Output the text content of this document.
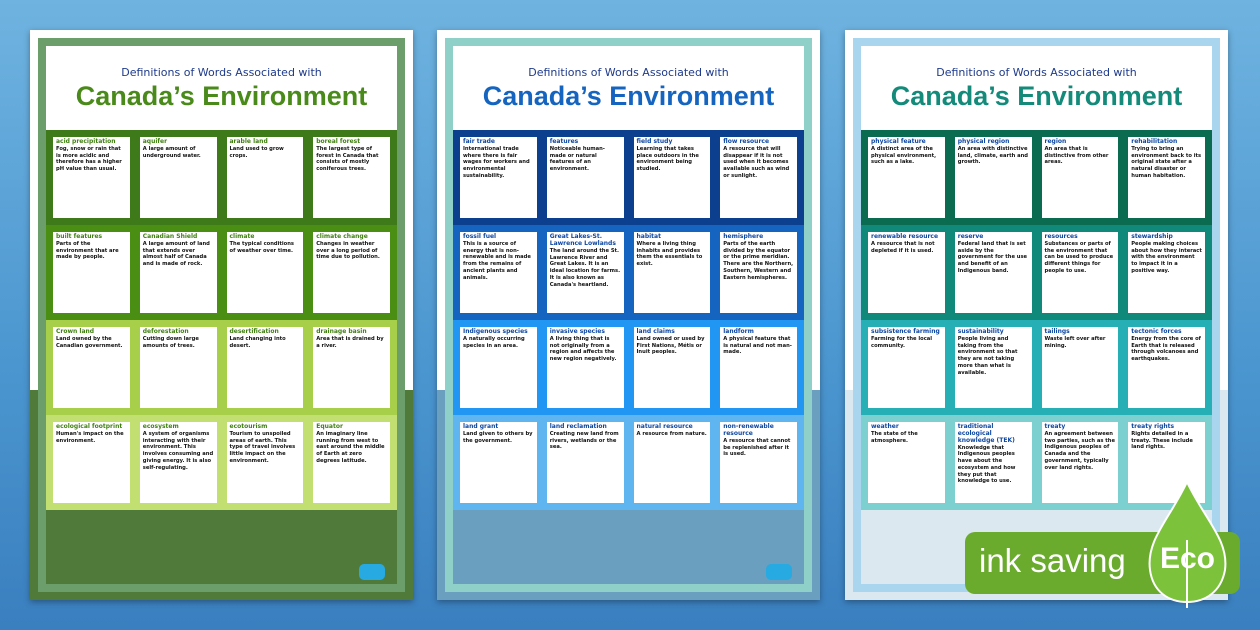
Definitions of Words Associated with
Canada’s Environment
acid precipitation
Fog, snow or rain that is more acidic and therefore has a higher pH value than usual.
aquifer
A large amount of underground water.
arable land
Land used to grow crops.
boreal forest
The largest type of forest in Canada that consists of mostly coniferous trees.
built features
Parts of the environment that are made by people.
Canadian Shield
A large amount of land that extends over almost half of Canada and is made of rock.
climate
The typical conditions of weather over time.
climate change
Changes in weather over a long period of time due to pollution.
Crown land
Land owned by the Canadian government.
deforestation
Cutting down large amounts of trees.
desertification
Land changing into desert.
drainage basin
Area that is drained by a river.
ecological footprint
Human's impact on the environment.
ecosystem
A system of organisms interacting with their environment. This involves consuming and giving energy. It is also self-regulating.
ecotourism
Tourism to unspoiled areas of earth. This type of travel involves little impact on the environment.
Equator
An imaginary line running from west to east around the middle of Earth at zero degrees latitude.
Definitions of Words Associated with
Canada’s Environment
fair trade
International trade where there is fair wages for workers and environmental sustainability.
features
Noticeable human-made or natural features of an environment.
field study
Learning that takes place outdoors in the environment being studied.
flow resource
A resource that will disappear if it is not used when it becomes available such as wind or sunlight.
fossil fuel
This is a source of energy that is non-renewable and is made from the remains of ancient plants and animals.
Great Lakes-St. Lawrence Lowlands
The land around the St. Lawrence River and Great Lakes. It is an ideal location for farms. It is also known as Canada's heartland.
habitat
Where a living thing inhabits and provides them the essentials to exist.
hemisphere
Parts of the earth divided by the equator or the prime meridian. There are the Northern, Southern, Western and Eastern hemispheres.
Indigenous species
A naturally occurring species in an area.
invasive species
A living thing that is not originally from a region and affects the new region negatively.
land claims
Land owned or used by First Nations, Métis or Inuit peoples.
landform
A physical feature that is natural and not man-made.
land grant
Land given to others by the government.
land reclamation
Creating new land from rivers, wetlands or the sea.
natural resource
A resource from nature.
non-renewable resource
A resource that cannot be replenished after it is used.
Definitions of Words Associated with
Canada’s Environment
physical feature
A distinct area of the physical environment, such as a lake.
physical region
An area with distinctive land, climate, earth and growth.
region
An area that is distinctive from other areas.
rehabilitation
Trying to bring an environment back to its original state after a natural disaster or human habitation.
renewable resource
A resource that is not depleted if it is used.
reserve
Federal land that is set aside by the government for the use and benefit of an Indigenous band.
resources
Substances or parts of the environment that can be used to produce different things for people to use.
stewardship
People making choices about how they interact with the environment to impact it in a positive way.
subsistence farming
Farming for the local community.
sustainability
People living and taking from the environment so that they are not taking more than what is available.
tailings
Waste left over after mining.
tectonic forces
Energy from the core of Earth that is released through volcanoes and earthquakes.
weather
The state of the atmosphere.
traditional ecological knowledge (TEK)
Knowledge that Indigenous peoples have about the ecosystem and how they put that knowledge to use.
treaty
An agreement between two parties, such as the Indigenous peoples of Canada and the government, typically over land rights.
treaty rights
Rights detailed in a treaty. These include land rights.
ink saving	Eco
